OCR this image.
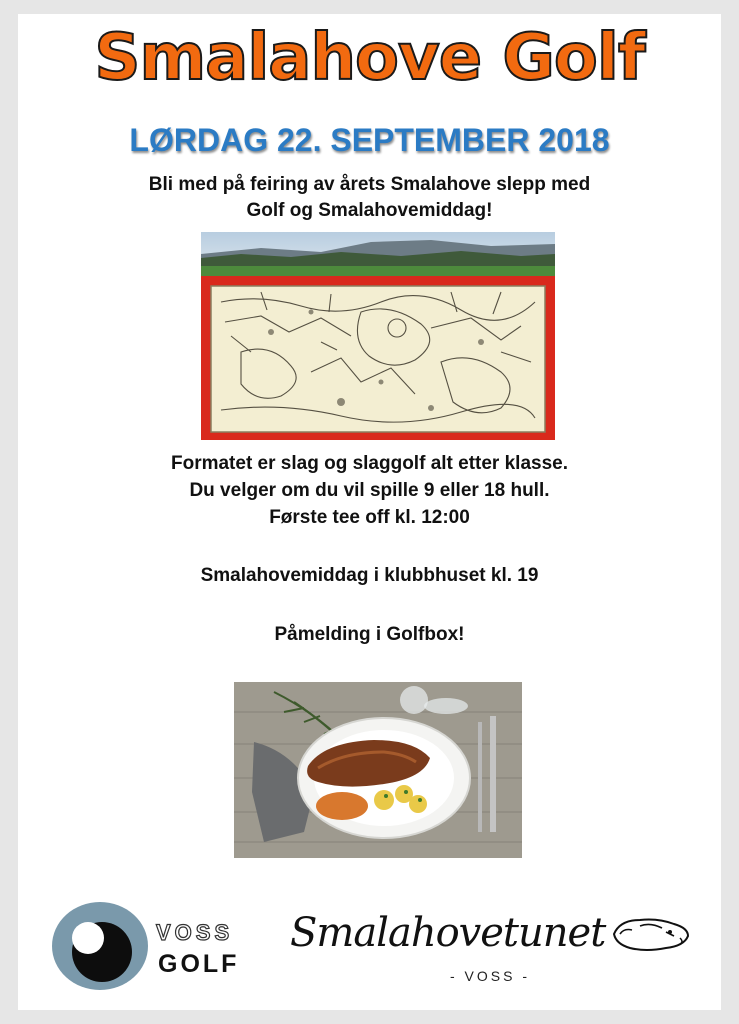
Smalahove Golf
LØRDAG 22. SEPTEMBER 2018
Bli med på feiring av årets Smalahove slepp med
Golf og Smalahovemiddag!
Formatet er slag og slaggolf alt etter klasse.
Du velger om du vil spille 9 eller 18 hull.
Første tee off kl. 12:00
Smalahovemiddag i klubbhuset kl. 19
Påmelding i Golfbox!
VOSS
GOLF
Smalahovetunet
- VOSS -
